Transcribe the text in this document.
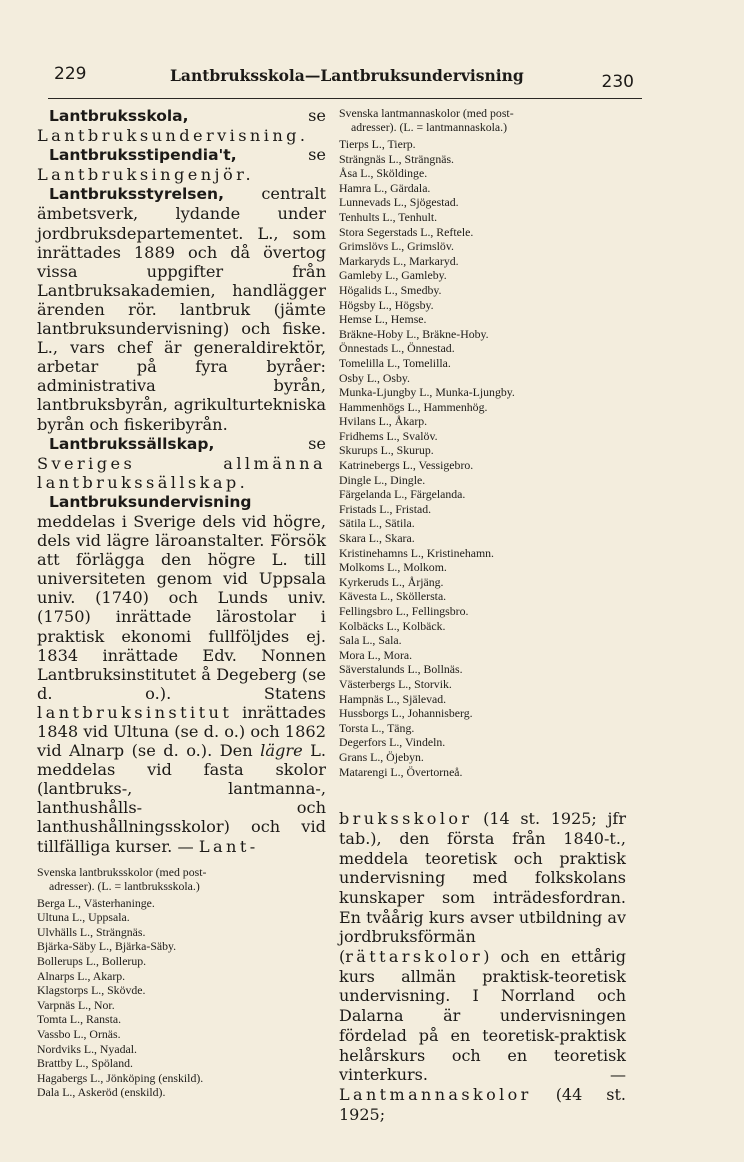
229	Lantbruksskola—Lantbruksundervisning	230

Lantbruksskola, se Lantbruksundervisning.

Lantbruksstipendia't, se Lantbruksingenjör.

Lantbruksstyrelsen, centralt ämbetsverk, lydande under jordbruksdepartementet. L., som inrättades 1889 och då övertog vissa uppgifter från Lantbruksakademien, handlägger ärenden rör. lantbruk (jämte lantbruksundervisning) och fiske. L., vars chef är generaldirektör, arbetar på fyra byråer: administrativa byrån, lantbruksbyrån, agrikulturtekniska byrån och fiskeribyrån.

Lantbrukssällskap, se Sveriges allmänna lantbrukssällskap.

Lantbruksundervisning meddelas i Sverige dels vid högre, dels vid lägre läroanstalter. Försök att förlägga den högre L. till universiteten genom vid Uppsala univ. (1740) och Lunds univ. (1750) inrättade lärostolar i praktisk ekonomi fullföljdes ej. 1834 inrättade Edv. Nonnen Lantbruksinstitutet å Degeberg (se d. o.). Statens lantbruksinstitut inrättades 1848 vid Ultuna (se d. o.) och 1862 vid Alnarp (se d. o.). Den lägre L. meddelas vid fasta skolor (lantbruks-, lantmanna-, lanthushålls- och lanthushållningsskolor) och vid tillfälliga kurser. — Lant-

Svenska lantbruksskolor (med post-
adresser). (L. = lantbruksskola.)
Berga L., Västerhaninge.
Ultuna L., Uppsala.
Ulvhälls L., Strängnäs.
Bjärka-Säby L., Bjärka-Säby.
Bollerups L., Bollerup.
Alnarps L., Akarp.
Klagstorps L., Skövde.
Varpnäs L., Nor.
Tomta L., Ransta.
Vassbo L., Ornäs.
Nordviks L., Nyadal.
Brattby L., Spöland.
Hagabergs L., Jönköping (enskild).
Dala L., Askeröd (enskild).
Svenska lantmannaskolor (med post-
adresser). (L. = lantmannaskola.)
Tierps L., Tierp.
Strängnäs L., Strängnäs.
Åsa L., Sköldinge.
Hamra L., Gärdala.
Lunnevads L., Sjögestad.
Tenhults L., Tenhult.
Stora Segerstads L., Reftele.
Grimslövs L., Grimslöv.
Markaryds L., Markaryd.
Gamleby L., Gamleby.
Högalids L., Smedby.
Högsby L., Högsby.
Hemse L., Hemse.
Bräkne-Hoby L., Bräkne-Hoby.
Önnestads L., Önnestad.
Tomelilla L., Tomelilla.
Osby L., Osby.
Munka-Ljungby L., Munka-Ljungby.
Hammenhögs L., Hammenhög.
Hvilans L., Åkarp.
Fridhems L., Svalöv.
Skurups L., Skurup.
Katrinebergs L., Vessigebro.
Dingle L., Dingle.
Färgelanda L., Färgelanda.
Fristads L., Fristad.
Sätila L., Sätila.
Skara L., Skara.
Kristinehamns L., Kristinehamn.
Molkoms L., Molkom.
Kyrkeruds L., Årjäng.
Kävesta L., Sköllersta.
Fellingsbro L., Fellingsbro.
Kolbäcks L., Kolbäck.
Sala L., Sala.
Mora L., Mora.
Säverstalunds L., Bollnäs.
Västerbergs L., Storvik.
Hampnäs L., Själevad.
Hussborgs L., Johannisberg.
Torsta L., Täng.
Degerfors L., Vindeln.
Grans L., Öjebyn.
Matarengi L., Övertorneå.

bruksskolor (14 st. 1925; jfr tab.), den första från 1840-t., meddela teoretisk och praktisk undervisning med folkskolans kunskaper som inträdesfordran. En tvåårig kurs avser utbildning av jordbruksförmän (rättarskolor) och en ettårig kurs allmän praktisk-teoretisk undervisning. I Norrland och Dalarna är undervisningen fördelad på en teoretisk-praktisk helårskurs och en teoretisk vinterkurs. — Lantmannaskolor (44 st. 1925;
